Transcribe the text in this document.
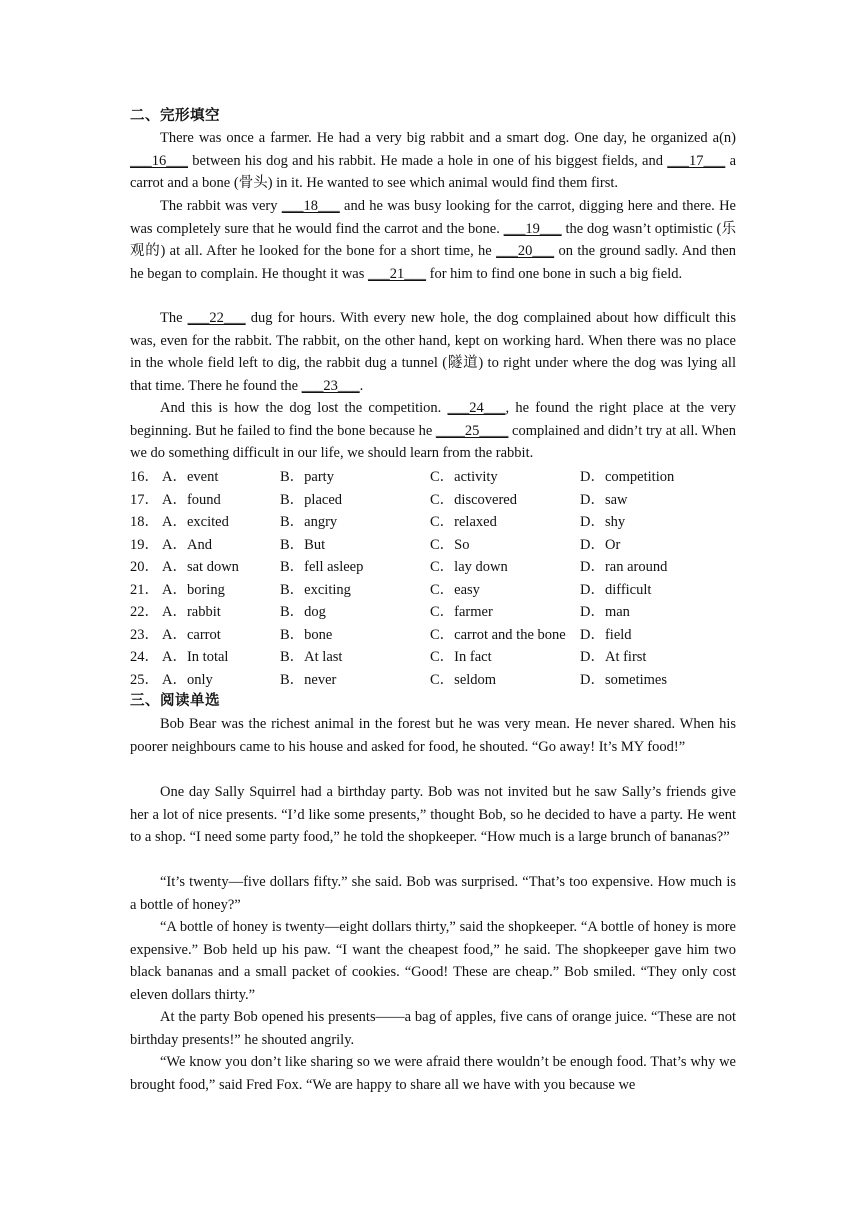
二、完形填空

There was once a farmer. He had a very big rabbit and a smart dog. One day, he organized a(n) ___16___ between his dog and his rabbit. He made a hole in one of his biggest fields, and ___17___ a carrot and a bone (骨头) in it. He wanted to see which animal would find them first.

The rabbit was very ___18___ and he was busy looking for the carrot, digging here and there. He was completely sure that he would find the carrot and the bone. ___19___ the dog wasn’t optimistic (乐观的) at all. After he looked for the bone for a short time, he ___20___ on the ground sadly. And then he began to complain. He thought it was ___21___ for him to find one bone in such a big field.

The ___22___ dug for hours. With every new hole, the dog complained about how difficult this was, even for the rabbit. The rabbit, on the other hand, kept on working hard. When there was no place in the whole field left to dig, the rabbit dug a tunnel (隧道) to right under where the dog was lying all that time. There he found the ___23___.

And this is how the dog lost the competition. ___24___, he found the right place at the very beginning. But he failed to find the bone because he ____25____ complained and didn’t try at all. When we do something difficult in our life, we should learn from the rabbit.

16． A．event	B．party	C．activity	D．competition
17． A．found	B．placed	C．discovered	D．saw
18． A．excited	B．angry	C．relaxed	D．shy
19． A．And	B．But	C．So	D．Or
20． A．sat down	B．fell asleep	C．lay down	D．ran around
21． A．boring	B．exciting	C．easy	D．difficult
22． A．rabbit	B．dog	C．farmer	D．man
23． A．carrot	B．bone	C．carrot and the bone D．field
24． A．In total	B．At last	C．In fact	D．At first
25． A．only	B．never	C．seldom	D．sometimes
三、阅读单选

Bob Bear was the richest animal in the forest but he was very mean. He never shared. When his poorer neighbours came to his house and asked for food, he shouted. “Go away! It’s MY food!”

One day Sally Squirrel had a birthday party. Bob was not invited but he saw Sally’s friends give her a lot of nice presents. “I’d like some presents,” thought Bob, so he decided to have a party. He went to a shop. “I need some party food,” he told the shopkeeper. “How much is a large brunch of bananas?”

“It’s twenty—five dollars fifty.” she said. Bob was surprised. “That’s too expensive. How much is a bottle of honey?”

“A bottle of honey is twenty—eight dollars thirty,” said the shopkeeper. “A bottle of honey is more expensive.” Bob held up his paw. “I want the cheapest food,” he said. The shopkeeper gave him two black bananas and a small packet of cookies. “Good! These are cheap.” Bob smiled. “They only cost eleven dollars thirty.”

At the party Bob opened his presents——a bag of apples, five cans of orange juice. “These are not birthday presents!” he shouted angrily.

“We know you don’t like sharing so we were afraid there wouldn’t be enough food. That’s why we brought food,” said Fred Fox. “We are happy to share all we have with you because we
